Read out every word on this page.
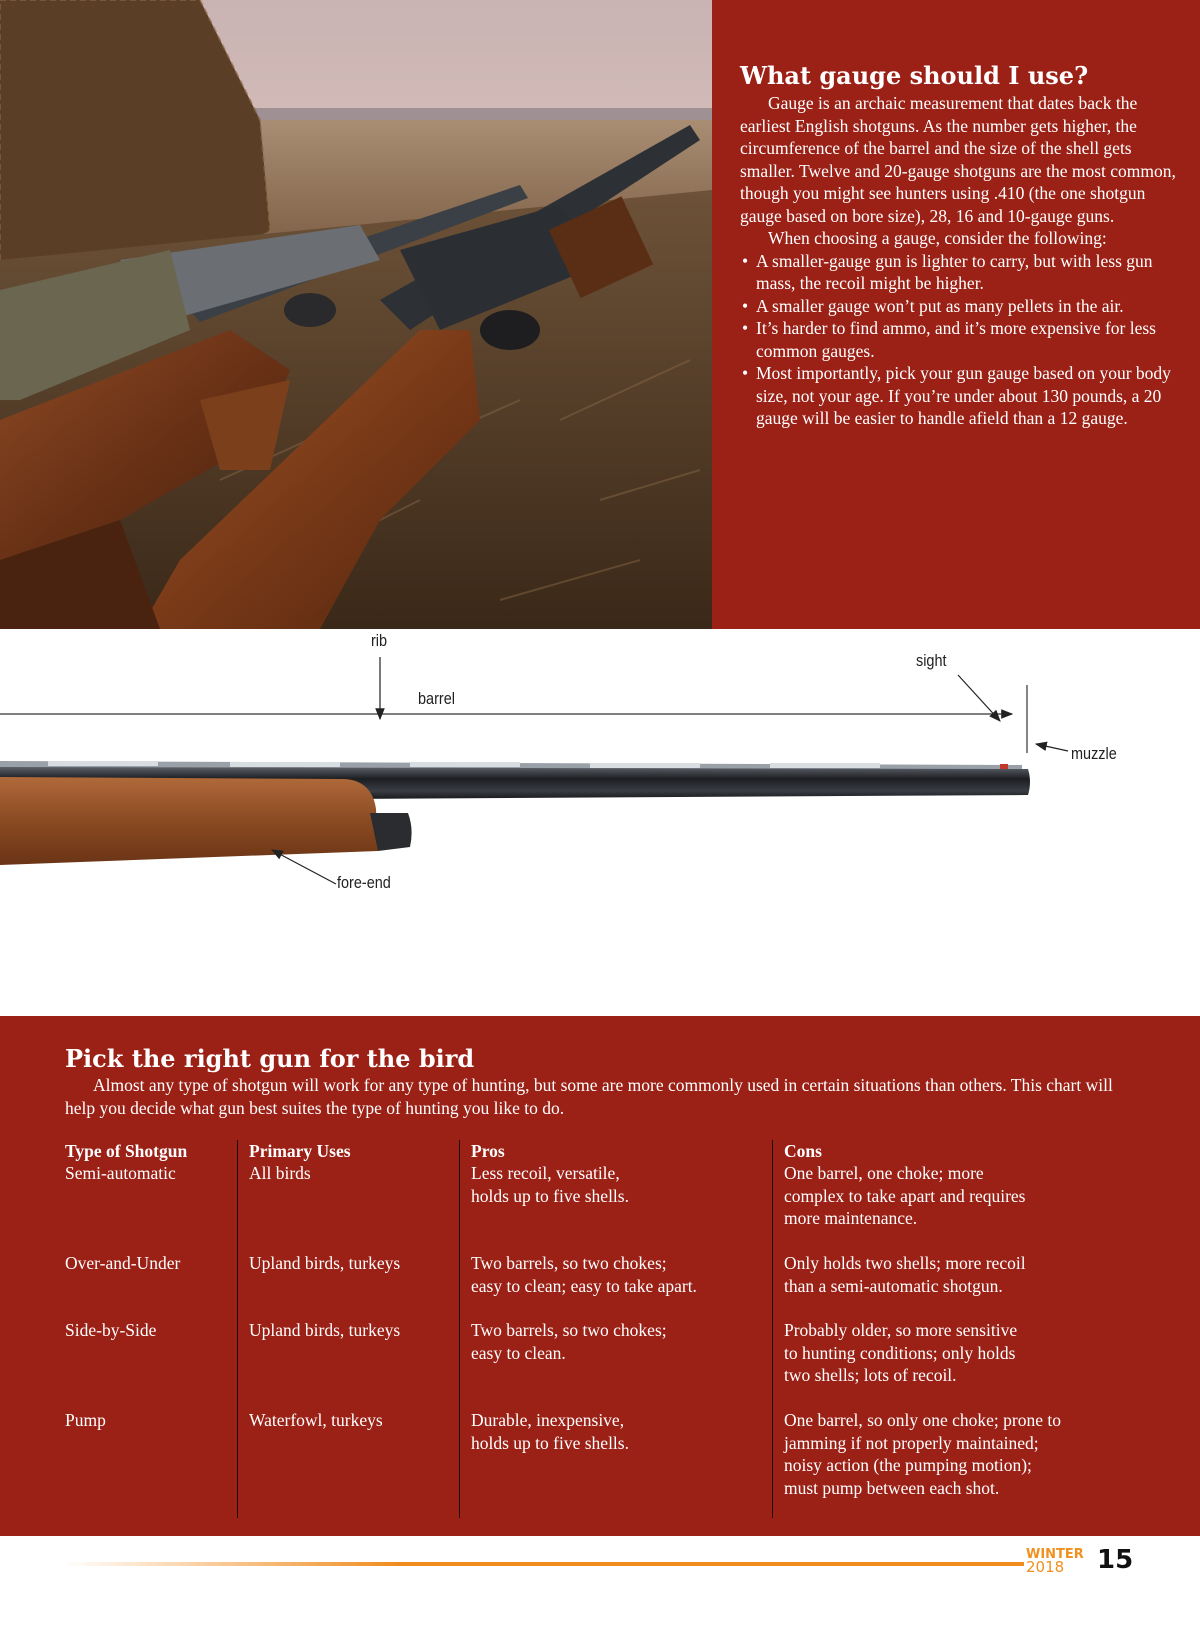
What gauge should I use?

Gauge is an archaic measurement that dates back the earliest English shotguns. As the number gets higher, the circumference of the barrel and the size of the shell gets smaller. Twelve and 20-gauge shotguns are the most common, though you might see hunters using .410 (the one shotgun gauge based on bore size), 28, 16 and 10-gauge guns.

When choosing a gauge, consider the following:

• A smaller-gauge gun is lighter to carry, but with less gun mass, the recoil might be higher.
• A smaller gauge won’t put as many pellets in the air.
• It’s harder to find ammo, and it’s more expensive for less common gauges.
• Most importantly, pick your gun gauge based on your body size, not your age. If you’re under about 130 pounds, a 20 gauge will be easier to handle afield than a 12 gauge.
rib
barrel
sight
muzzle
fore-end
Pick the right gun for the bird

Almost any type of shotgun will work for any type of hunting, but some are more commonly used in certain situations than others. This chart will help you decide what gun best suites the type of hunting you like to do.

Type of Shotgun
Semi-automatic
Over-and-Under
Side-by-Side
Pump
Primary Uses
All birds
Upland birds, turkeys
Upland birds, turkeys
Waterfowl, turkeys
Pros
Less recoil, versatile,
holds up to five shells.
Two barrels, so two chokes;
easy to clean; easy to take apart.
Two barrels, so two chokes;
easy to clean.
Durable, inexpensive,
holds up to five shells.
Cons
One barrel, one choke; more
complex to take apart and requires
more maintenance.
Only holds two shells; more recoil
than a semi-automatic shotgun.
Probably older, so more sensitive
to hunting conditions; only holds
two shells; lots of recoil.
One barrel, so only one choke; prone to
jamming if not properly maintained;
noisy action (the pumping motion);
must pump between each shot.
WINTER
2018	15
